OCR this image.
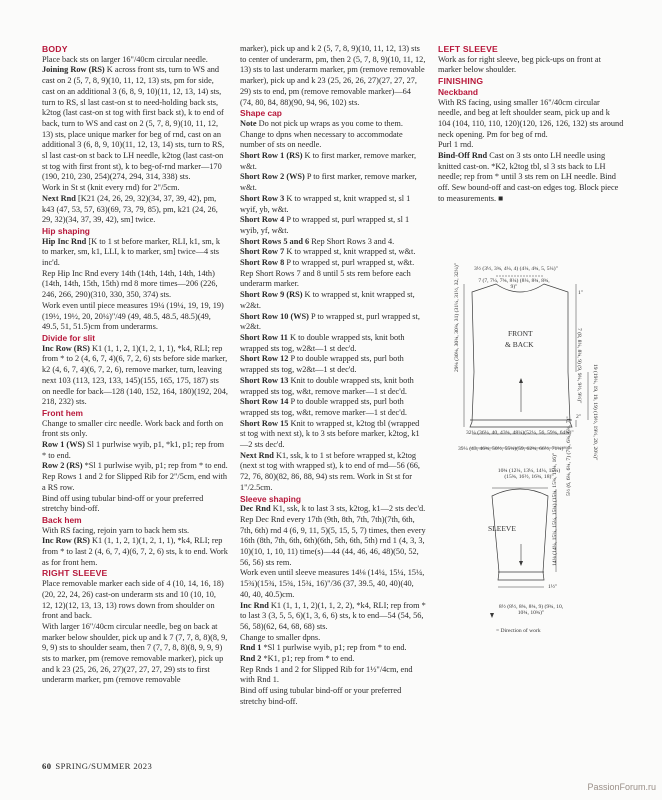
BODY

Place back sts on larger 16"/40cm circular needle.

Joining Row (RS) K across front sts, turn to WS and cast on 2 (5, 7, 8, 9)(10, 11, 12, 13) sts, pm for side, cast on an additional 3 (6, 8, 9, 10)(11, 12, 13, 14) sts, turn to RS, sl last cast-on st to need-holding back sts, k2tog (last cast-on st tog with first back st), k to end of back, turn to WS and cast on 2 (5, 7, 8, 9)(10, 11, 12, 13) sts, place unique marker for beg of rnd, cast on an additional 3 (6, 8, 9, 10)(11, 12, 13, 14) sts, turn to RS, sl last cast-on st back to LH needle, k2tog (last cast-on st tog with first front st), k to beg-of-rnd marker—170 (190, 210, 230, 254)(274, 294, 314, 338) sts.

Work in St st (knit every rnd) for 2"/5cm.

Next Rnd [K21 (24, 26, 29, 32)(34, 37, 39, 42), pm, k43 (47, 53, 57, 63)(69, 73, 79, 85), pm, k21 (24, 26, 29, 32)(34, 37, 39, 42), sm] twice.

Hip shaping

Hip Inc Rnd [K to 1 st before marker, RLI, k1, sm, k to marker, sm, k1, LLI, k to marker, sm] twice—4 sts inc'd.

Rep Hip Inc Rnd every 14th (14th, 14th, 14th, 14th)(14th, 14th, 15th, 15th) rnd 8 more times—206 (226, 246, 266, 290)(310, 330, 350, 374) sts.

Work even until piece measures 19¼ (19¼, 19, 19, 19)(19½, 19½, 20, 20¼)"/49 (49, 48.5, 48.5, 48.5)(49, 49.5, 51, 51.5)cm from underarms.

Divide for slit

Inc Row (RS) K1 (1, 1, 2, 1)(1, 2, 1, 1), *k4, RLI; rep from * to 2 (4, 6, 7, 4)(6, 7, 2, 6) sts before side marker, k2 (4, 6, 7, 4)(6, 7, 2, 6), remove marker, turn, leaving next 103 (113, 123, 133, 145)(155, 165, 175, 187) sts on needle for back—128 (140, 152, 164, 180)(192, 204, 218, 232) sts.

Front hem

Change to smaller circ needle. Work back and forth on front sts only.

Row 1 (WS) Sl 1 purlwise wyib, p1, *k1, p1; rep from * to end.

Row 2 (RS) *Sl 1 purlwise wyib, p1; rep from * to end.

Rep Rows 1 and 2 for Slipped Rib for 2"/5cm, end with a RS row.

Bind off using tubular bind-off or your preferred stretchy bind-off.

Back hem

With RS facing, rejoin yarn to back hem sts.

Inc Row (RS) K1 (1, 1, 2, 1)(1, 2, 1, 1), *k4, RLI; rep from * to last 2 (4, 6, 7, 4)(6, 7, 2, 6) sts, k to end. Work as for front hem.

RIGHT SLEEVE

Place removable marker each side of 4 (10, 14, 16, 18)(20, 22, 24, 26) cast-on underarm sts and 10 (10, 10, 12, 12)(12, 13, 13, 13) rows down from shoulder on front and back.

With larger 16"/40cm circular needle, beg on back at marker below shoulder, pick up and k 7 (7, 7, 8, 8)(8, 9, 9, 9) sts to shoulder seam, then 7 (7, 7, 8, 8)(8, 9, 9, 9) sts to marker, pm (remove removable marker), pick up and k 23 (25, 26, 26, 27)(27, 27, 27, 29) sts to first underarm marker, pm (remove removable

marker), pick up and k 2 (5, 7, 8, 9)(10, 11, 12, 13) sts to center of underarm, pm, then 2 (5, 7, 8, 9)(10, 11, 12, 13) sts to last underarm marker, pm (remove removable marker), pick up and k 23 (25, 26, 26, 27)(27, 27, 27, 29) sts to end, pm (remove removable marker)—64 (74, 80, 84, 88)(90, 94, 96, 102) sts.

Shape cap

Note Do not pick up wraps as you come to them. Change to dpns when necessary to accommodate number of sts on needle.

Short Row 1 (RS) K to first marker, remove marker, w&t.

Short Row 2 (WS) P to first marker, remove marker, w&t.

Short Row 3 K to wrapped st, knit wrapped st, sl 1 wyif, yb, w&t.

Short Row 4 P to wrapped st, purl wrapped st, sl 1 wyib, yf, w&t.

Short Rows 5 and 6 Rep Short Rows 3 and 4.

Short Row 7 K to wrapped st, knit wrapped st, w&t.

Short Row 8 P to wrapped st, purl wrapped st, w&t.

Rep Short Rows 7 and 8 until 5 sts rem before each underarm marker.

Short Row 9 (RS) K to wrapped st, knit wrapped st, w2&t.

Short Row 10 (WS) P to wrapped st, purl wrapped st, w2&t.

Short Row 11 K to double wrapped sts, knit both wrapped sts tog, w2&t—1 st dec'd.

Short Row 12 P to double wrapped sts, purl both wrapped sts tog, w2&t—1 st dec'd.

Short Row 13 Knit to double wrapped sts, knit both wrapped sts tog, w&t, remove marker—1 st dec'd.

Short Row 14 P to double wrapped sts, purl both wrapped sts tog, w&t, remove marker—1 st dec'd.

Short Row 15 Knit to wrapped st, k2tog tbl (wrapped st tog with next st), k to 3 sts before marker, k2tog, k1—2 sts dec'd.

Next Rnd K1, ssk, k to 1 st before wrapped st, k2tog (next st tog with wrapped st), k to end of rnd—56 (66, 72, 76, 80)(82, 86, 88, 94) sts rem. Work in St st for 1"/2.5cm.

Sleeve shaping

Dec Rnd K1, ssk, k to last 3 sts, k2tog, k1—2 sts dec'd.

Rep Dec Rnd every 17th (9th, 8th, 7th, 7th)(7th, 6th, 7th, 6th) rnd 4 (6, 9, 11, 5)(5, 15, 5, 7) times, then every 16th (8th, 7th, 6th, 6th)(6th, 5th, 6th, 5th) rnd 1 (4, 3, 3, 10)(10, 1, 10, 11) time(s)—44 (44, 46, 46, 48)(50, 52, 56, 56) sts rem.

Work even until sleeve measures 14⅛ (14¼, 15¼, 15¼, 15¾)(15¾, 15¾, 15¾, 16)"/36 (37, 39.5, 40, 40)(40, 40, 40, 40.5)cm.

Inc Rnd K1 (1, 1, 1, 2)(1, 1, 2, 2), *k4, RLI; rep from * to last 3 (3, 5, 5, 6)(1, 3, 6, 6) sts, k to end—54 (54, 56, 56, 58)(62, 64, 68, 68) sts.

Change to smaller dpns.

Rnd 1 *Sl 1 purlwise wyib, p1; rep from * to end.

Rnd 2 *K1, p1; rep from * to end.

Rep Rnds 1 and 2 for Slipped Rib for 1½"/4cm, end with Rnd 1.

Bind off using tubular bind-off or your preferred stretchy bind-off.

LEFT SLEEVE

Work as for right sleeve, beg pick-ups on front at marker below shoulder.

FINISHING

Neckband

With RS facing, using smaller 16"/40cm circular needle, and beg at left shoulder seam, pick up and k 104 (104, 110, 110, 120)(120, 126, 126, 132) sts around neck opening. Pm for beg of rnd.

Purl 1 rnd.

Bind-Off Rnd Cast on 3 sts onto LH needle using knitted cast-on. *K2, k2tog tbl, sl 3 sts back to LH needle; rep from * until 3 sts rem on LH needle. Bind off. Sew bound-off and cast-on edges tog. Block piece to measurements. ■

3½ (3½, 3¾, 4¼, 4) (4¼, 4¾, 5, 5¼)"
7 (7, 7¼, 7¾, 8¼) (8¼, 8¾, 8¾, 9)"
1"
FRONT
& BACK
2"
32¼ (36¼, 40, 43¾, 48¼)(52¼, 56, 59¾, 64¼)"
39¼ (43, 46¾, 50½, 55¼)(59, 62¾, 66½, 71¼)"
29¾ (30¾, 30¾, 30¾, 31) (31¼, 31½, 32, 32¼)"	7 (8, 8¼, 8¾, 9) (9, 9¼, 9½, 9½)" 19 (19¼, 19, 19, 19) (19½, 19½, 20, 20¼)"
10¾ (12¼, 13¼, 14¼, 15¼) (15¾, 16½, 16¾, 18)"
SLEEVE
5½ (6, 6¾, 6¾, 7) (7¼, 6¾, 6¾, 7)"
14⅛ (14¼, 15¼, 15¼, 15¾) (15¾, 15¾, 15¾, 16)"
1½"
8½ (8½, 8¾, 8¾, 9) (9¾, 10, 10¾, 10¾)"
= Direction of work
60 SPRING/SUMMER 2023
PassionForum.ru
